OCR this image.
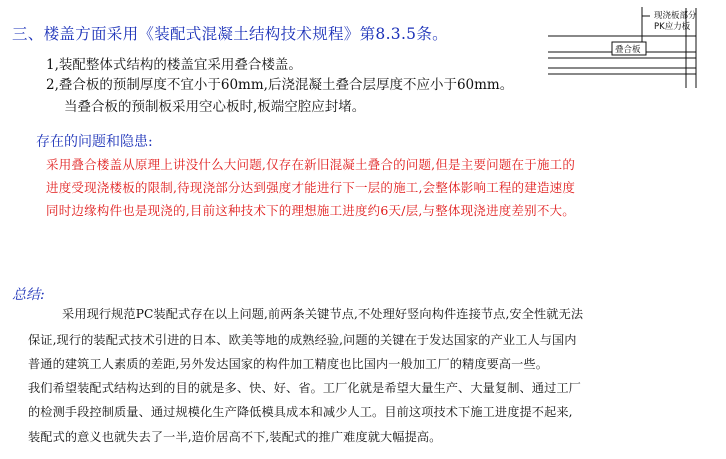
三、楼盖方面采用《装配式混凝土结构技术规程》第8.3.5条。
1,装配整体式结构的楼盖宜采用叠合楼盖。
2,叠合板的预制厚度不宜小于60mm,后浇混凝土叠合层厚度不应小于60mm。
当叠合板的预制板采用空心板时,板端空腔应封堵。
现浇板部分
PK应力板
叠合板
存在的问题和隐患:
采用叠合楼盖从原理上讲没什么大问题,仅存在新旧混凝土叠合的问题,但是主要问题在于施工的
进度受现浇楼板的限制,待现浇部分达到强度才能进行下一层的施工,会整体影响工程的建造速度
同时边缘构件也是现浇的,目前这种技术下的理想施工进度约6天/层,与整体现浇进度差别不大。
总结:
采用现行规范PC装配式存在以上问题,前两条关键节点,不处理好竖向构件连接节点,安全性就无法
保证,现行的装配式技术引进的日本、欧美等地的成熟经验,问题的关键在于发达国家的产业工人与国内
普通的建筑工人素质的差距,另外发达国家的构件加工精度也比国内一般加工厂的精度要高一些。
我们希望装配式结构达到的目的就是多、快、好、省。工厂化就是希望大量生产、大量复制、通过工厂
的检测手段控制质量、通过规模化生产降低模具成本和减少人工。目前这项技术下施工进度提不起来,
装配式的意义也就失去了一半,造价居高不下,装配式的推广难度就大幅提高。
